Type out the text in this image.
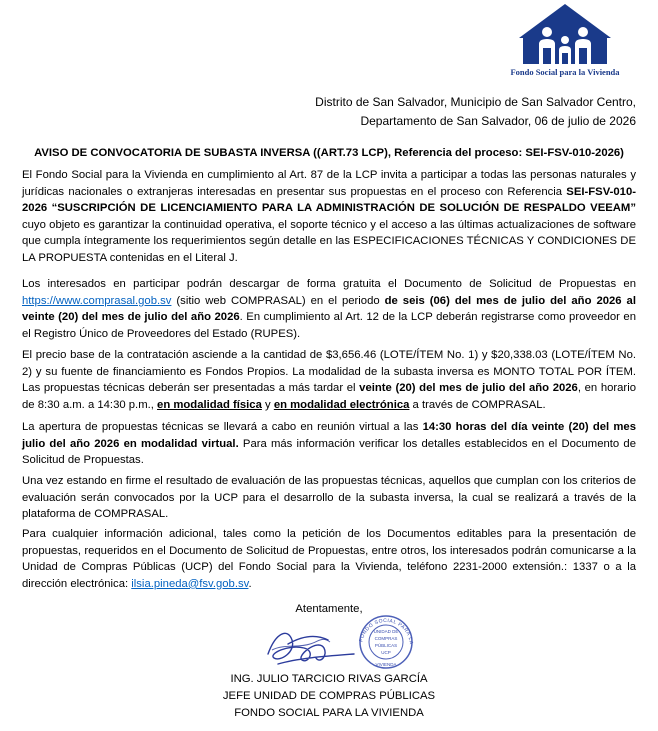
Fondo Social para la Vivienda
Distrito de San Salvador, Municipio de San Salvador Centro,
Departamento de San Salvador, 06 de julio de 2026
AVISO DE CONVOCATORIA DE SUBASTA INVERSA ((ART.73 LCP), Referencia del proceso: SEI-FSV-010-2026)

El Fondo Social para la Vivienda en cumplimiento al Art. 87 de la LCP invita a participar a todas las personas naturales y jurídicas nacionales o extranjeras interesadas en presentar sus propuestas en el proceso con Referencia SEI-FSV-010-2026 “SUSCRIPCIÓN DE LICENCIAMIENTO PARA LA ADMINISTRACIÓN DE SOLUCIÓN DE RESPALDO VEEAM” cuyo objeto es garantizar la continuidad operativa, el soporte técnico y el acceso a las últimas actualizaciones de software que cumpla íntegramente los requerimientos según detalle en las ESPECIFICACIONES TÉCNICAS Y CONDICIONES DE LA PROPUESTA contenidas en el Literal J.

Los interesados en participar podrán descargar de forma gratuita el Documento de Solicitud de Propuestas en https://www.comprasal.gob.sv (sitio web COMPRASAL) en el periodo de seis (06) del mes de julio del año 2026 al veinte (20) del mes de julio del año 2026. En cumplimiento al Art. 12 de la LCP deberán registrarse como proveedor en el Registro Único de Proveedores del Estado (RUPES).

El precio base de la contratación asciende a la cantidad de $3,656.46 (LOTE/ÍTEM No. 1) y $20,338.03 (LOTE/ÍTEM No. 2) y su fuente de financiamiento es Fondos Propios. La modalidad de la subasta inversa es MONTO TOTAL POR ÍTEM. Las propuestas técnicas deberán ser presentadas a más tardar el veinte (20) del mes de julio del año 2026, en horario de 8:30 a.m. a 14:30 p.m., en modalidad física y en modalidad electrónica a través de COMPRASAL.

La apertura de propuestas técnicas se llevará a cabo en reunión virtual a las 14:30 horas del día veinte (20) del mes julio del año 2026 en modalidad virtual. Para más información verificar los detalles establecidos en el Documento de Solicitud de Propuestas.

Una vez estando en firme el resultado de evaluación de las propuestas técnicas, aquellos que cumplan con los criterios de evaluación serán convocados por la UCP para el desarrollo de la subasta inversa, la cual se realizará a través de la plataforma de COMPRASAL.

Para cualquier información adicional, tales como la petición de los Documentos editables para la presentación de propuestas, requeridos en el Documento de Solicitud de Propuestas, entre otros, los interesados podrán comunicarse a la Unidad de Compras Públicas (UCP) del Fondo Social para la Vivienda, teléfono 2231-2000 extensión.: 1337 o a la dirección electrónica: ilsia.pineda@fsv.gob.sv.

Atentamente,
FONDO SOCIAL PARA LA
VIVIENDA
UNIDAD DE
COMPRAS
PÚBLICAS
UCP
ING. JULIO TARCICIO RIVAS GARCÍA
JEFE UNIDAD DE COMPRAS PÚBLICAS
FONDO SOCIAL PARA LA VIVIENDA
